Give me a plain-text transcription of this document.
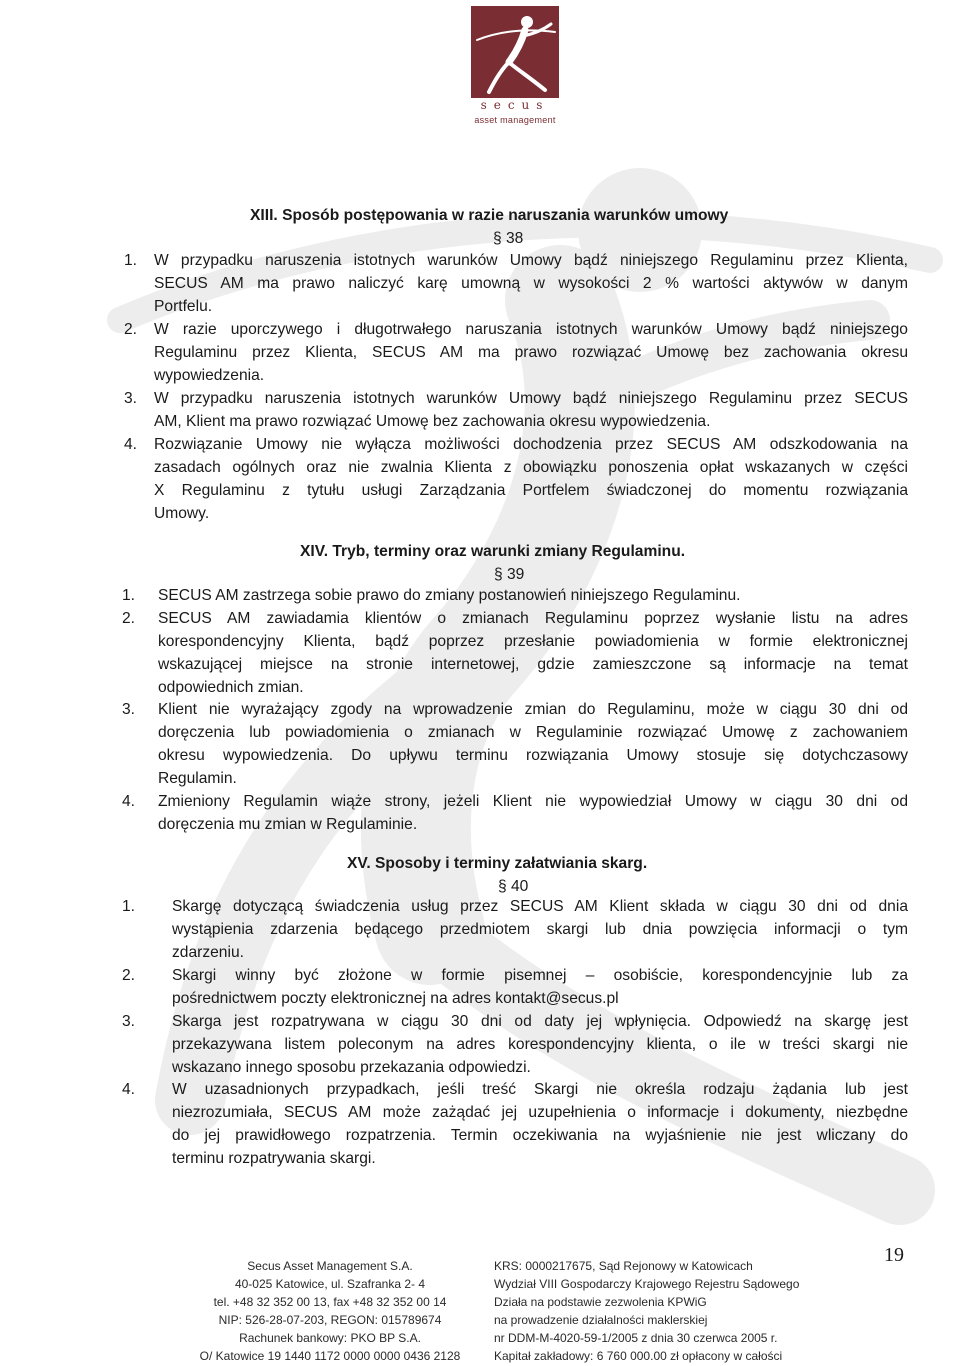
secus
asset management
XIII. Sposób postępowania w razie naruszania warunków umowy
§ 38
1. W przypadku naruszenia istotnych warunków Umowy bądź niniejszego Regulaminu przez Klienta,
SECUS AM ma prawo naliczyć karę umowną w wysokości 2 % wartości aktywów w danym
Portfelu.
2. W razie uporczywego i długotrwałego naruszania istotnych warunków Umowy bądź niniejszego
Regulaminu przez Klienta, SECUS AM ma prawo rozwiązać Umowę bez zachowania okresu
wypowiedzenia.
3. W przypadku naruszenia istotnych warunków Umowy bądź niniejszego Regulaminu przez SECUS
AM, Klient ma prawo rozwiązać Umowę bez zachowania okresu wypowiedzenia.
4. Rozwiązanie Umowy nie wyłącza możliwości dochodzenia przez SECUS AM odszkodowania na
zasadach ogólnych oraz nie zwalnia Klienta z obowiązku ponoszenia opłat wskazanych w części
X Regulaminu z tytułu usługi Zarządzania Portfelem świadczonej do momentu rozwiązania
Umowy.
XIV. Tryb, terminy oraz warunki zmiany Regulaminu.
§ 39
1. SECUS AM zastrzega sobie prawo do zmiany postanowień niniejszego Regulaminu.
2. SECUS AM zawiadamia klientów o zmianach Regulaminu poprzez wysłanie listu na adres
korespondencyjny Klienta, bądź poprzez przesłanie powiadomienia w formie elektronicznej
wskazującej miejsce na stronie internetowej, gdzie zamieszczone są informacje na temat
odpowiednich zmian.
3. Klient nie wyrażający zgody na wprowadzenie zmian do Regulaminu, może w ciągu 30 dni od
doręczenia lub powiadomienia o zmianach w Regulaminie rozwiązać Umowę z zachowaniem
okresu wypowiedzenia. Do upływu terminu rozwiązania Umowy stosuje się dotychczasowy
Regulamin.
4. Zmieniony Regulamin wiąże strony, jeżeli Klient nie wypowiedział Umowy w ciągu 30 dni od
doręczenia mu zmian w Regulaminie.
XV. Sposoby i terminy załatwiania skarg.
§ 40
1. Skargę dotyczącą świadczenia usług przez SECUS AM Klient składa w ciągu 30 dni od dnia
wystąpienia zdarzenia będącego przedmiotem skargi lub dnia powzięcia informacji o tym
zdarzeniu.
2. Skargi winny być złożone w formie pisemnej – osobiście, korespondencyjnie lub za
pośrednictwem poczty elektronicznej na adres kontakt@secus.pl
3. Skarga jest rozpatrywana w ciągu 30 dni od daty jej wpłynięcia. Odpowiedź na skargę jest
przekazywana listem poleconym na adres korespondencyjny klienta, o ile w treści skargi nie
wskazano innego sposobu przekazania odpowiedzi.
4. W uzasadnionych przypadkach, jeśli treść Skargi nie określa rodzaju żądania lub jest
niezrozumiała, SECUS AM może zażądać jej uzupełnienia o informacje i dokumenty, niezbędne
do jej prawidłowego rozpatrzenia. Termin oczekiwania na wyjaśnienie nie jest wliczany do
terminu rozpatrywania skargi.
Secus Asset Management S.A.
40-025 Katowice, ul. Szafranka 2- 4
tel. +48 32 352 00 13, fax +48 32 352 00 14
NIP: 526-28-07-203, REGON: 015789674
Rachunek bankowy: PKO BP S.A.
O/ Katowice 19 1440 1172 0000 0000 0436 2128
KRS: 0000217675, Sąd Rejonowy w Katowicach
Wydział VIII Gospodarczy Krajowego Rejestru Sądowego
Działa na podstawie zezwolenia KPWiG
na prowadzenie działalności maklerskiej
nr DDM-M-4020-59-1/2005 z dnia 30 czerwca 2005 r.
Kapitał zakładowy: 6 760 000.00 zł opłacony w całości
19
